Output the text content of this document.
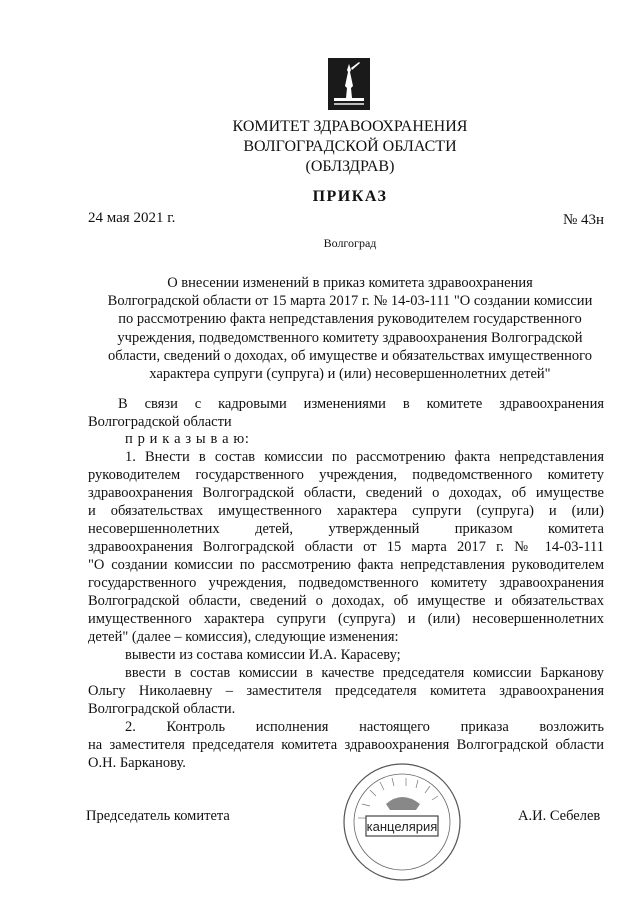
КОМИТЕТ ЗДРАВООХРАНЕНИЯ
ВОЛГОГРАДСКОЙ ОБЛАСТИ
(ОБЛЗДРАВ)
ПРИКАЗ
24 мая 2021 г.	№ 43н
Волгоград
О внесении изменений в приказ комитета здравоохранения
Волгоградской области от 15 марта 2017 г. № 14-03-111 "О создании комиссии
по рассмотрению факта непредставления руководителем государственного
учреждения, подведомственного комитету здравоохранения Волгоградской
области, сведений о доходах, об имуществе и обязательствах имущественного
характера супруги (супруга) и (или) несовершеннолетних детей"
В связи с кадровыми изменениями в комитете здравоохранения
Волгоградской области
п р и к а з ы в а ю:
1. Внести в состав комиссии по рассмотрению факта непредставления
руководителем государственного учреждения, подведомственного комитету
здравоохранения Волгоградской области, сведений о доходах, об имуществе
и обязательствах имущественного характера супруги (супруга) и (или)
несовершеннолетних детей, утвержденный приказом комитета
здравоохранения Волгоградской области от 15 марта 2017 г. № 14-03-111
"О создании комиссии по рассмотрению факта непредставления руководителем
государственного учреждения, подведомственного комитету здравоохранения
Волгоградской области, сведений о доходах, об имуществе и обязательствах
имущественного характера супруги (супруга) и (или) несовершеннолетних
детей" (далее – комиссия), следующие изменения:
вывести из состава комиссии И.А. Карасеву;
ввести в состав комиссии в качестве председателя комиссии Барканову
Ольгу Николаевну – заместителя председателя комитета здравоохранения
Волгоградской области.
2. Контроль исполнения настоящего приказа возложить
на заместителя председателя комитета здравоохранения Волгоградской области
О.Н. Барканову.
канцелярия
Председатель комитета	А.И. Себелев
